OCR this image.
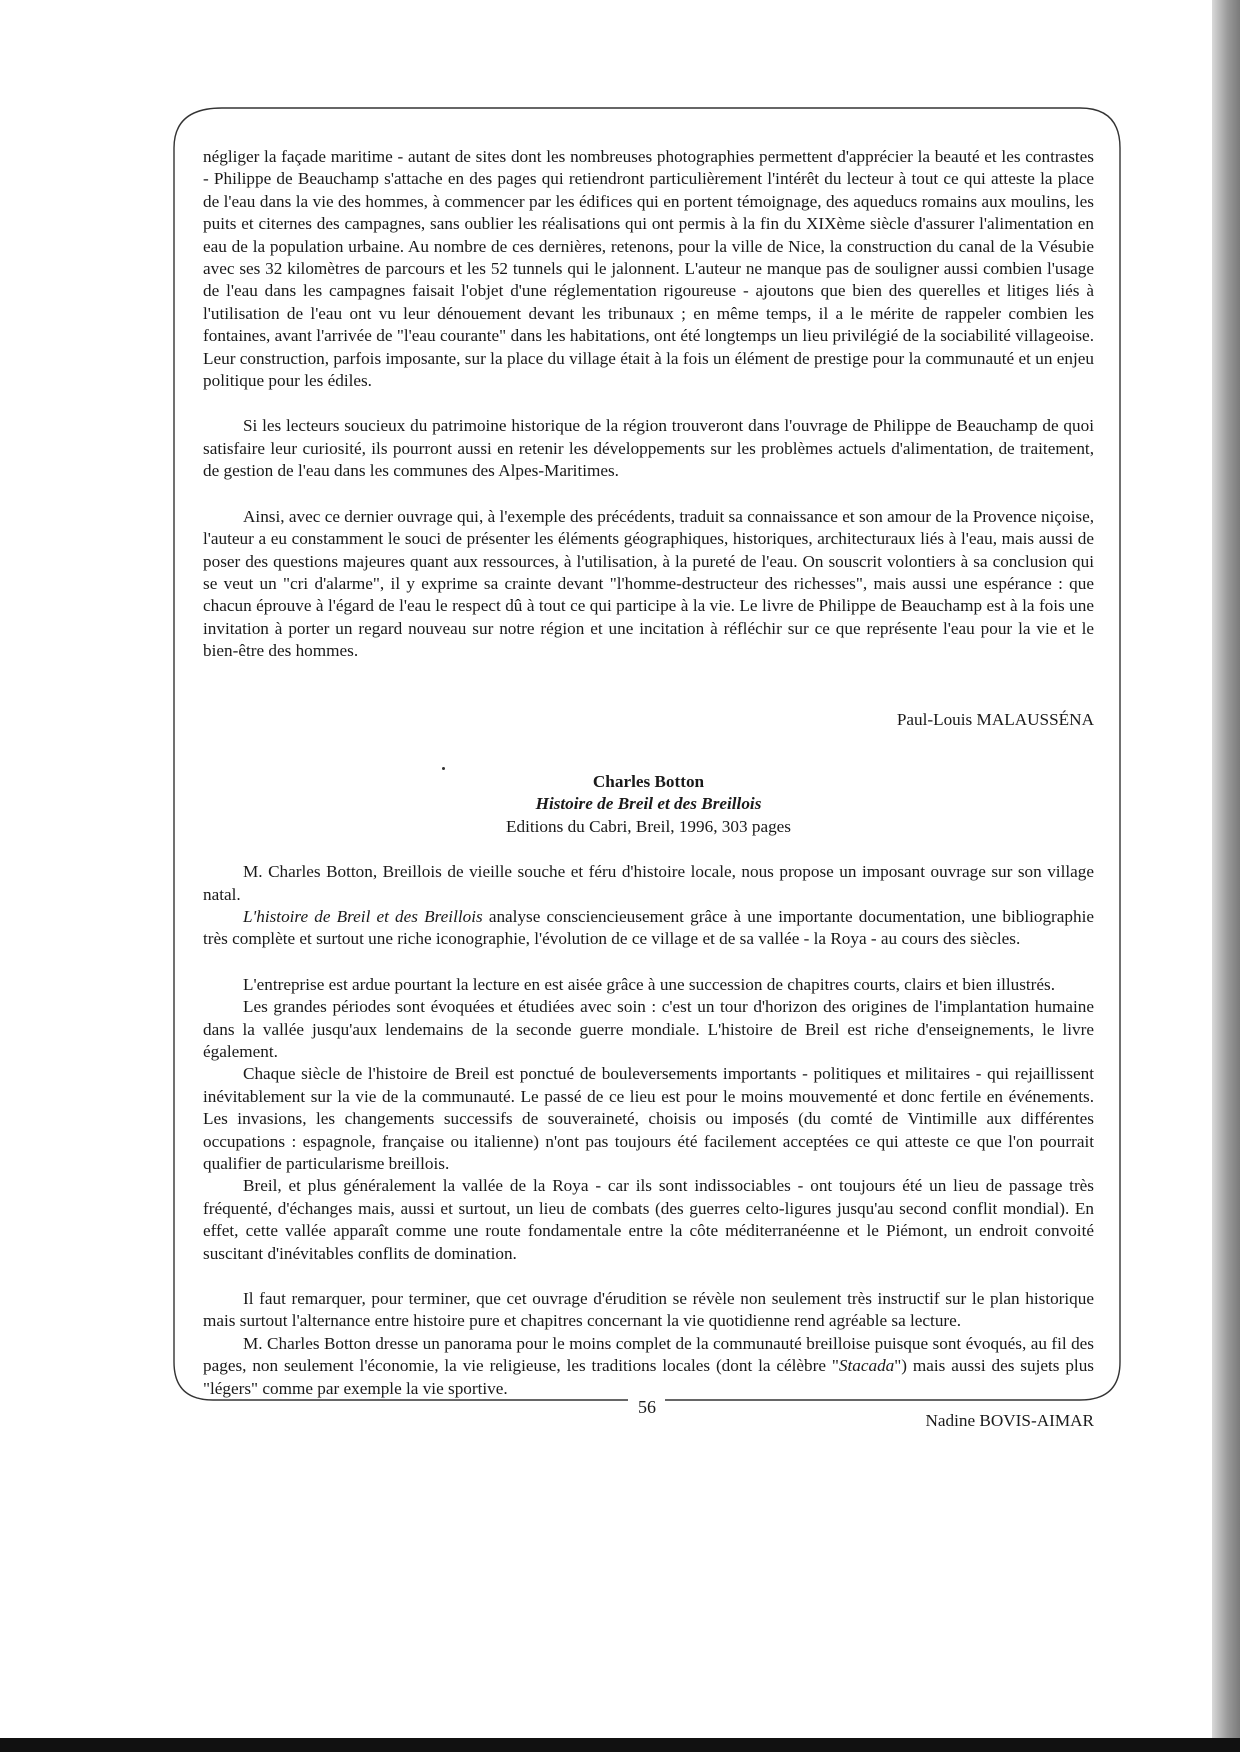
négliger la façade maritime - autant de sites dont les nombreuses photographies permettent d'apprécier la beauté et les contrastes - Philippe de Beauchamp s'attache en des pages qui retiendront particulièrement l'intérêt du lecteur à tout ce qui atteste la place de l'eau dans la vie des hommes, à commencer par les édifices qui en portent témoignage, des aqueducs romains aux moulins, les puits et citernes des campagnes, sans oublier les réalisations qui ont permis à la fin du XIXème siècle d'assurer l'alimentation en eau de la population urbaine. Au nombre de ces dernières, retenons, pour la ville de Nice, la construction du canal de la Vésubie avec ses 32 kilomètres de parcours et les 52 tunnels qui le jalonnent. L'auteur ne manque pas de souligner aussi combien l'usage de l'eau dans les campagnes faisait l'objet d'une réglementation rigoureuse - ajoutons que bien des querelles et litiges liés à l'utilisation de l'eau ont vu leur dénouement devant les tribunaux ; en même temps, il a le mérite de rappeler combien les fontaines, avant l'arrivée de "l'eau courante" dans les habitations, ont été longtemps un lieu privilégié de la sociabilité villageoise. Leur construction, parfois imposante, sur la place du village était à la fois un élément de prestige pour la communauté et un enjeu politique pour les édiles.

Si les lecteurs soucieux du patrimoine historique de la région trouveront dans l'ouvrage de Philippe de Beauchamp de quoi satisfaire leur curiosité, ils pourront aussi en retenir les développements sur les problèmes actuels d'alimentation, de traitement, de gestion de l'eau dans les communes des Alpes-Maritimes.

Ainsi, avec ce dernier ouvrage qui, à l'exemple des précédents, traduit sa connaissance et son amour de la Provence niçoise, l'auteur a eu constamment le souci de présenter les éléments géographiques, historiques, architecturaux liés à l'eau, mais aussi de poser des questions majeures quant aux ressources, à l'utilisation, à la pureté de l'eau. On souscrit volontiers à sa conclusion qui se veut un "cri d'alarme", il y exprime sa crainte devant "l'homme-destructeur des richesses", mais aussi une espérance : que chacun éprouve à l'égard de l'eau le respect dû à tout ce qui participe à la vie. Le livre de Philippe de Beauchamp est à la fois une invitation à porter un regard nouveau sur notre région et une incitation à réfléchir sur ce que représente l'eau pour la vie et le bien-être des hommes.

Paul-Louis MALAUSSÉNA

Charles Botton
Histoire de Breil et des Breillois
Editions du Cabri, Breil, 1996, 303 pages

M. Charles Botton, Breillois de vieille souche et féru d'histoire locale, nous propose un imposant ouvrage sur son village natal.

L'histoire de Breil et des Breillois analyse consciencieusement grâce à une importante documentation, une bibliographie très complète et surtout une riche iconographie, l'évolution de ce village et de sa vallée - la Roya - au cours des siècles.

L'entreprise est ardue pourtant la lecture en est aisée grâce à une succession de chapitres courts, clairs et bien illustrés.

Les grandes périodes sont évoquées et étudiées avec soin : c'est un tour d'horizon des origines de l'implantation humaine dans la vallée jusqu'aux lendemains de la seconde guerre mondiale. L'histoire de Breil est riche d'enseignements, le livre également.

Chaque siècle de l'histoire de Breil est ponctué de bouleversements importants - politiques et militaires - qui rejaillissent inévitablement sur la vie de la communauté. Le passé de ce lieu est pour le moins mouvementé et donc fertile en événements. Les invasions, les changements successifs de souveraineté, choisis ou imposés (du comté de Vintimille aux différentes occupations : espagnole, française ou italienne) n'ont pas toujours été facilement acceptées ce qui atteste ce que l'on pourrait qualifier de particularisme breillois.

Breil, et plus généralement la vallée de la Roya - car ils sont indissociables - ont toujours été un lieu de passage très fréquenté, d'échanges mais, aussi et surtout, un lieu de combats (des guerres celto-ligures jusqu'au second conflit mondial). En effet, cette vallée apparaît comme une route fondamentale entre la côte méditerranéenne et le Piémont, un endroit convoité suscitant d'inévitables conflits de domination.

Il faut remarquer, pour terminer, que cet ouvrage d'érudition se révèle non seulement très instructif sur le plan historique mais surtout l'alternance entre histoire pure et chapitres concernant la vie quotidienne rend agréable sa lecture.

M. Charles Botton dresse un panorama pour le moins complet de la communauté breilloise puisque sont évoqués, au fil des pages, non seulement l'économie, la vie religieuse, les traditions locales (dont la célèbre "Stacada") mais aussi des sujets plus "légers" comme par exemple la vie sportive.

Nadine BOVIS-AIMAR

56
